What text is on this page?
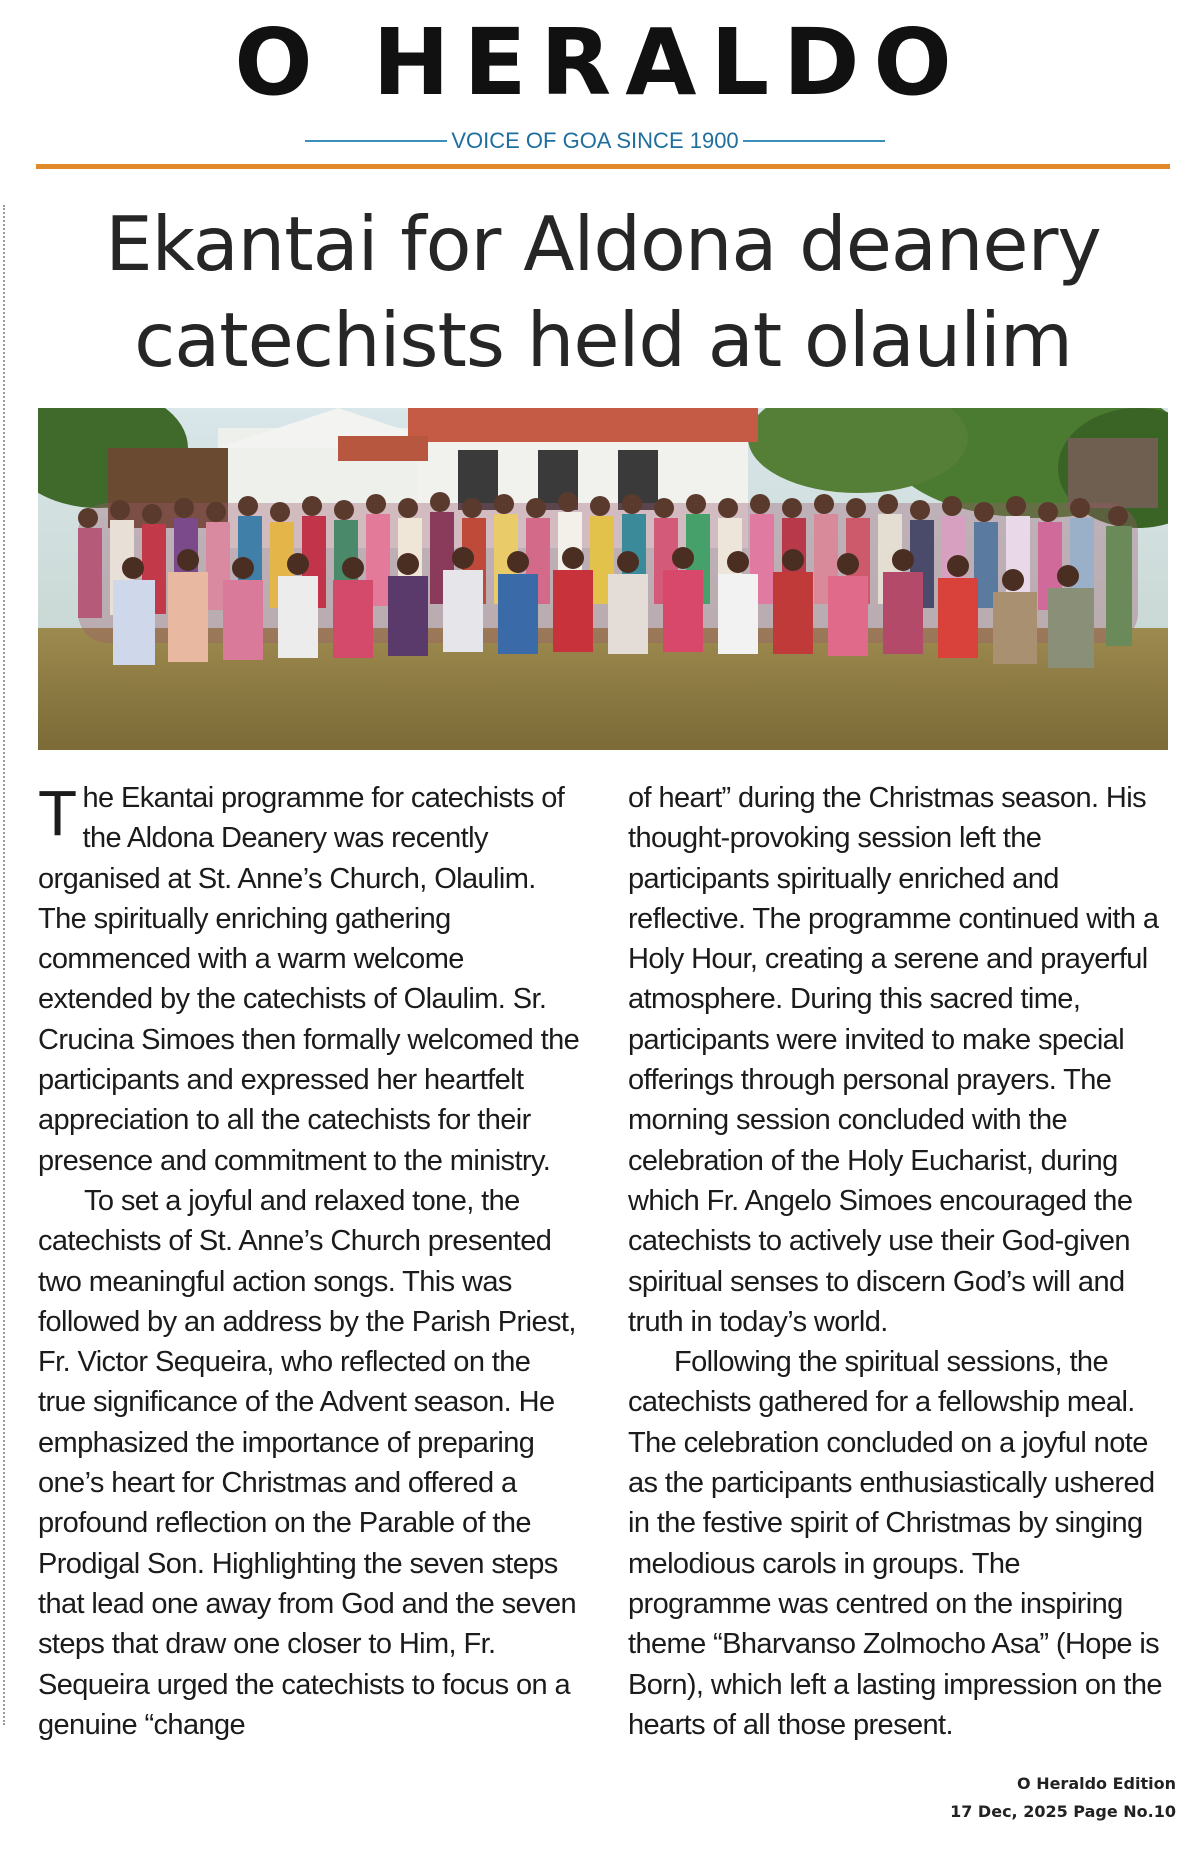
O HERALDO
VOICE OF GOA SINCE 1900
Ekantai for Aldona deanery
catechists held at olaulim

The Ekantai programme for catechists of the Aldona Deanery was recently organised at St. Anne’s Church, Olaulim. The spiritually enriching gathering commenced with a warm welcome extended by the catechists of Olaulim. Sr. Crucina Simoes then formally welcomed the participants and expressed her heartfelt appreciation to all the catechists for their presence and commitment to the ministry.

To set a joyful and relaxed tone, the catechists of St. Anne’s Church presented two meaningful action songs. This was followed by an address by the Parish Priest, Fr. Victor Sequeira, who reflected on the true significance of the Advent season. He emphasized the importance of preparing one’s heart for Christmas and offered a profound reflection on the Parable of the Prodigal Son. Highlighting the seven steps that lead one away from God and the seven steps that draw one closer to Him, Fr. Sequeira urged the catechists to focus on a genuine “change

of heart” during the Christmas season. His thought-provoking session left the participants spiritually enriched and reflective. The programme continued with a Holy Hour, creating a serene and prayerful atmosphere. During this sacred time, participants were invited to make special offerings through personal prayers. The morning session concluded with the celebration of the Holy Eucharist, during which Fr. Angelo Simoes encouraged the catechists to actively use their God-given spiritual senses to discern God’s will and truth in today’s world.

Following the spiritual sessions, the catechists gathered for a fellowship meal. The celebration concluded on a joyful note as the participants enthusiastically ushered in the festive spirit of Christmas by singing melodious carols in groups. The programme was centred on the inspiring theme “Bharvanso Zolmocho Asa” (Hope is Born), which left a lasting impression on the hearts of all those present.

O Heraldo Edition
17 Dec, 2025 Page No.10
